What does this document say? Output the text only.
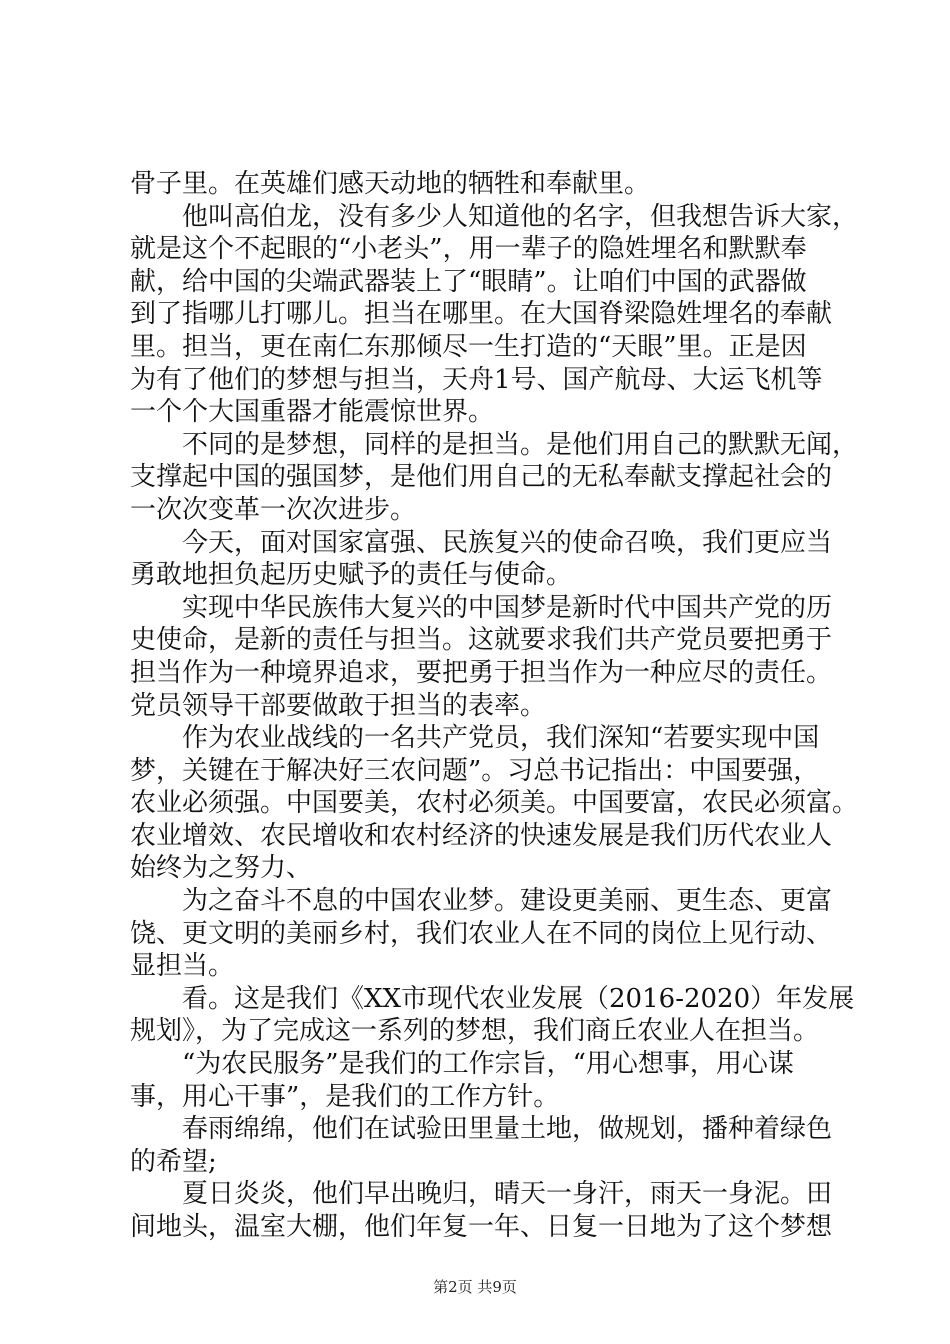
骨子里。在英雄们感天动地的牺牲和奉献里。
　　他叫高伯龙，没有多少人知道他的名字，但我想告诉大家，
就是这个不起眼的“小老头”，用一辈子的隐姓埋名和默默奉
献，给中国的尖端武器装上了“眼睛”。让咱们中国的武器做
到了指哪儿打哪儿。担当在哪里。在大国脊梁隐姓埋名的奉献
里。担当，更在南仁东那倾尽一生打造的“天眼”里。正是因
为有了他们的梦想与担当，天舟1号、国产航母、大运飞机等
一个个大国重器才能震惊世界。
　　不同的是梦想，同样的是担当。是他们用自己的默默无闻，
支撑起中国的强国梦，是他们用自己的无私奉献支撑起社会的
一次次变革一次次进步。
　　今天，面对国家富强、民族复兴的使命召唤，我们更应当
勇敢地担负起历史赋予的责任与使命。
　　实现中华民族伟大复兴的中国梦是新时代中国共产党的历
史使命，是新的责任与担当。这就要求我们共产党员要把勇于
担当作为一种境界追求，要把勇于担当作为一种应尽的责任。
党员领导干部要做敢于担当的表率。
　　作为农业战线的一名共产党员，我们深知“若要实现中国
梦，关键在于解决好三农问题”。习总书记指出：中国要强，
农业必须强。中国要美，农村必须美。中国要富，农民必须富。
农业增效、农民增收和农村经济的快速发展是我们历代农业人
始终为之努力、
　　为之奋斗不息的中国农业梦。建设更美丽、更生态、更富
饶、更文明的美丽乡村，我们农业人在不同的岗位上见行动、
显担当。
　　看。这是我们《XX市现代农业发展（2016-2020）年发展
规划》，为了完成这一系列的梦想，我们商丘农业人在担当。
　　“为农民服务”是我们的工作宗旨，“用心想事，用心谋
事，用心干事”，是我们的工作方针。
　　春雨绵绵，他们在试验田里量土地，做规划，播种着绿色
的希望;
　　夏日炎炎，他们早出晚归，晴天一身汗，雨天一身泥。田
间地头，温室大棚，他们年复一年、日复一日地为了这个梦想
第2页 共9页
